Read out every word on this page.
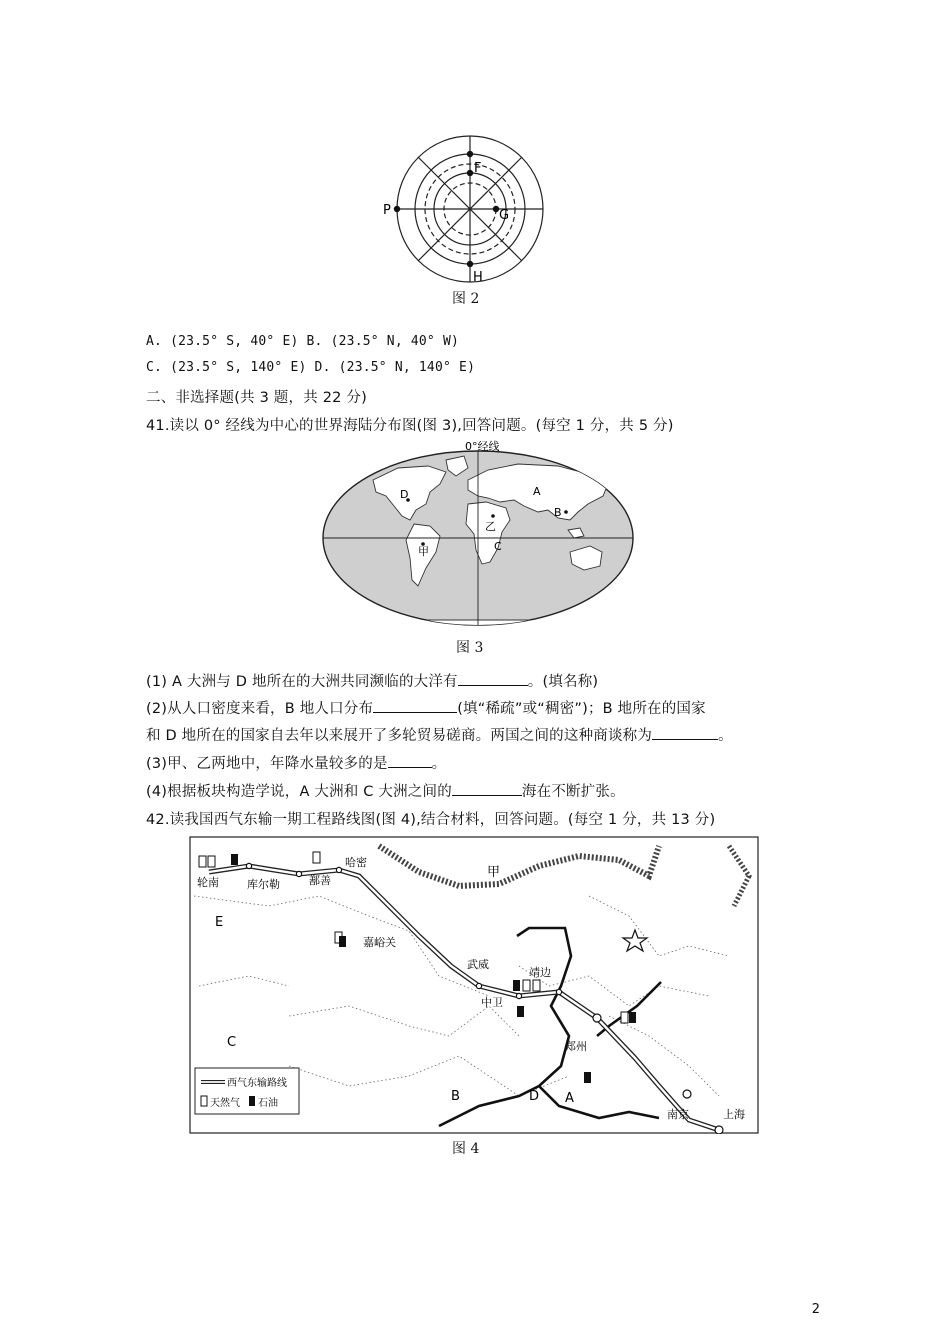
F
G
H
P
图 2
A. (23.5° S, 40° E) B. (23.5° N, 40° W)
C. (23.5° S, 140° E) D. (23.5° N, 140° E)
二、非选择题(共 3 题，共 22 分)
41.读以 0° 经线为中心的世界海陆分布图(图 3),回答问题。(每空 1 分，共 5 分)
0°经线
D	A
B
乙
C
甲
图 3
(1) A 大洲与 D 地所在的大洲共同濒临的大洋有	。(填名称)
(2)从人口密度来看，B 地人口分布	(填“稀疏”或“稠密”)；B 地所在的国家
和 D 地所在的国家自去年以来展开了多轮贸易磋商。两国之间的这种商谈称为	。
(3)甲、乙两地中，年降水量较多的是	。
(4)根据板块构造学说，A 大洲和 C 大洲之间的	海在不断扩张。
42.读我国西气东输一期工程路线图(图 4),结合材料，回答问题。(每空 1 分，共 13 分)
轮南	库尔勒	鄯善
哈密
嘉峪关
武威
中卫
靖边
郑州
南京	上海
甲
E
C
B	D A
西气东输路线
天然气 石油
图 4
2
